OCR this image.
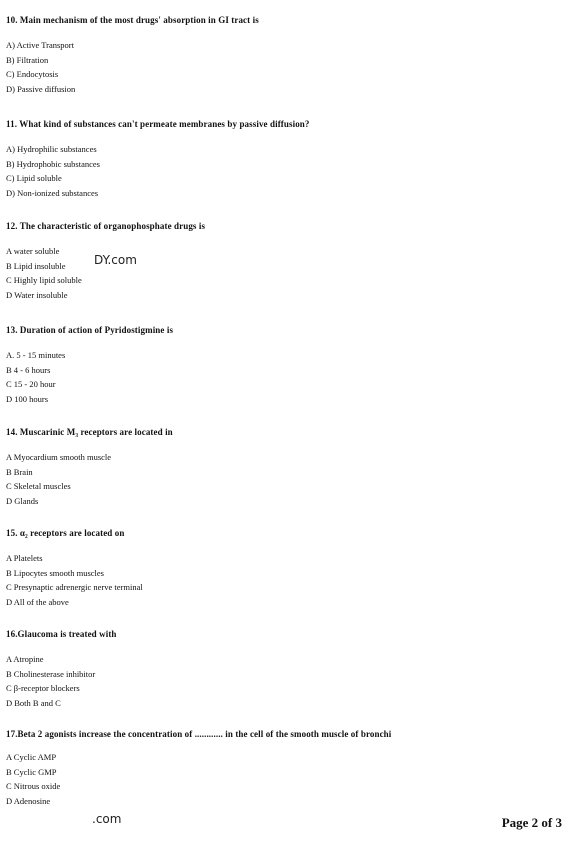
10. Main mechanism of the most drugs' absorption in GI tract is

A) Active Transport

B) Filtration

C) Endocytosis

D) Passive diffusion

11. What kind of substances can't permeate membranes by passive diffusion?

A) Hydrophilic substances

B) Hydrophobic substances

C) Lipid soluble

D) Non-ionized substances

12. The characteristic of organophosphate drugs is

A water soluble

B Lipid insoluble

C Highly lipid soluble

D Water insoluble

13. Duration of action of Pyridostigmine is

A. 5 - 15 minutes

B 4 - 6 hours

C 15 - 20 hour

D 100 hours

14. Muscarinic M₃ receptors are located in

A Myocardium smooth muscle

B Brain

C Skeletal muscles

D Glands

15. α₂ receptors are located on

A Platelets

B Lipocytes smooth muscles

C Presynaptic adrenergic nerve terminal

D All of the above

16.Glaucoma is treated with

A Atropine

B Cholinesterase inhibitor

C β-receptor blockers

D Both B and C

17.Beta 2 agonists increase the concentration of ............ in the cell of the smooth muscle of bronchi

A Cyclic AMP

B Cyclic GMP

C Nitrous oxide

D Adenosine

DY.com
.com	Page 2 of 3
